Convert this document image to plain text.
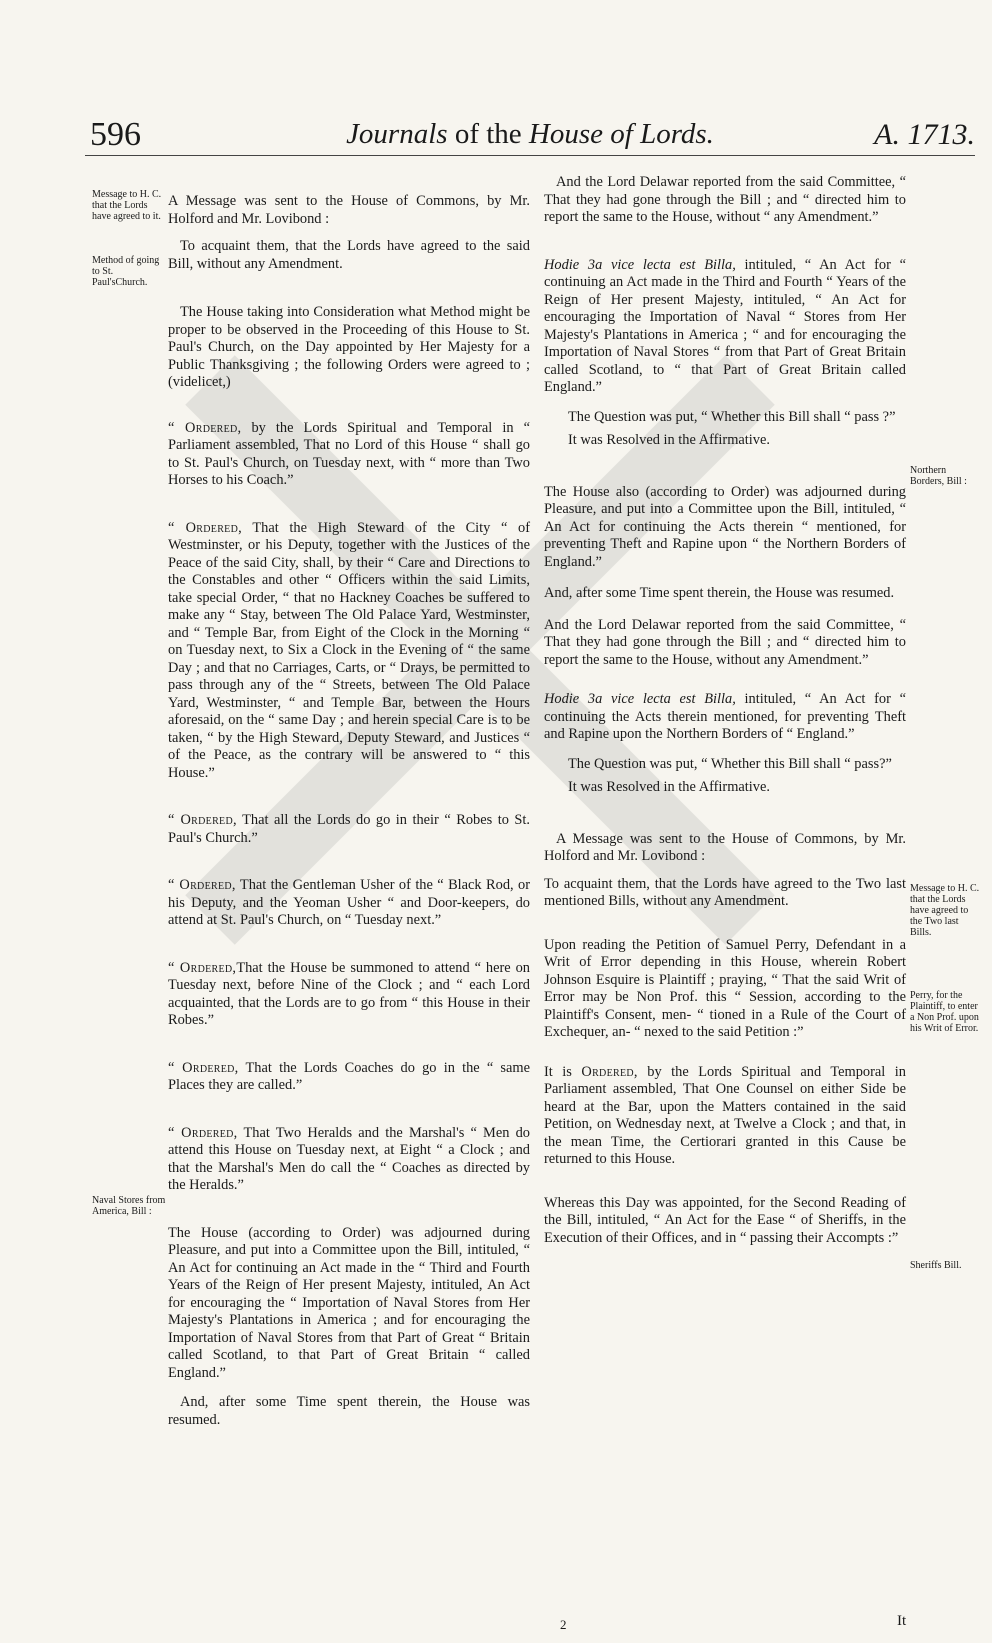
596	Journals of the House of Lords.	A. 1713.
Message to H. C. that the Lords have agreed to it.
Method of going to St. Paul'sChurch.
Naval Stores from America, Bill :
Northern Borders, Bill :
Message to H. C. that the Lords have agreed to the Two last Bills.
Perry, for the Plaintiff, to enter a Non Prof. upon his Writ of Error.
Sheriffs Bill.

A Message was sent to the House of Commons, by Mr. Holford and Mr. Lovibond :

To acquaint them, that the Lords have agreed to the said Bill, without any Amendment.

The House taking into Consideration what Method might be proper to be observed in the Proceeding of this House to St. Paul's Church, on the Day appointed by Her Majesty for a Public Thanksgiving ; the following Orders were agreed to ; (videlicet,)

“ Ordered, by the Lords Spiritual and Temporal in “ Parliament assembled, That no Lord of this House “ shall go to St. Paul's Church, on Tuesday next, with “ more than Two Horses to his Coach.”

“ Ordered, That the High Steward of the City “ of Westminster, or his Deputy, together with the Justices of the Peace of the said City, shall, by their “ Care and Directions to the Constables and other “ Officers within the said Limits, take special Order, “ that no Hackney Coaches be suffered to make any “ Stay, between The Old Palace Yard, Westminster, and “ Temple Bar, from Eight of the Clock in the Morning “ on Tuesday next, to Six a Clock in the Evening of “ the same Day ; and that no Carriages, Carts, or “ Drays, be permitted to pass through any of the “ Streets, between The Old Palace Yard, Westminster, “ and Temple Bar, between the Hours aforesaid, on the “ same Day ; and herein special Care is to be taken, “ by the High Steward, Deputy Steward, and Justices “ of the Peace, as the contrary will be answered to “ this House.”

“ Ordered, That all the Lords do go in their “ Robes to St. Paul's Church.”

“ Ordered, That the Gentleman Usher of the “ Black Rod, or his Deputy, and the Yeoman Usher “ and Door-keepers, do attend at St. Paul's Church, on “ Tuesday next.”

“ Ordered,That the House be summoned to attend “ here on Tuesday next, before Nine of the Clock ; and “ each Lord acquainted, that the Lords are to go from “ this House in their Robes.”

“ Ordered, That the Lords Coaches do go in the “ same Places they are called.”

“ Ordered, That Two Heralds and the Marshal's “ Men do attend this House on Tuesday next, at Eight “ a Clock ; and that the Marshal's Men do call the “ Coaches as directed by the Heralds.”

The House (according to Order) was adjourned during Pleasure, and put into a Committee upon the Bill, intituled, “ An Act for continuing an Act made in the “ Third and Fourth Years of the Reign of Her present Majesty, intituled, An Act for encouraging the “ Importation of Naval Stores from Her Majesty's Plantations in America ; and for encouraging the Importation of Naval Stores from that Part of Great “ Britain called Scotland, to that Part of Great Britain “ called England.”

And, after some Time spent therein, the House was resumed.

And the Lord Delawar reported from the said Committee, “ That they had gone through the Bill ; and “ directed him to report the same to the House, without “ any Amendment.”

Hodie 3a vice lecta est Billa, intituled, “ An Act for “ continuing an Act made in the Third and Fourth “ Years of the Reign of Her present Majesty, intituled, “ An Act for encouraging the Importation of Naval “ Stores from Her Majesty's Plantations in America ; “ and for encouraging the Importation of Naval Stores “ from that Part of Great Britain called Scotland, to “ that Part of Great Britain called England.”

The Question was put, “ Whether this Bill shall “ pass ?”

It was Resolved in the Affirmative.

The House also (according to Order) was adjourned during Pleasure, and put into a Committee upon the Bill, intituled, “ An Act for continuing the Acts therein “ mentioned, for preventing Theft and Rapine upon “ the Northern Borders of England.”

And, after some Time spent therein, the House was resumed.

And the Lord Delawar reported from the said Committee, “ That they had gone through the Bill ; and “ directed him to report the same to the House, without any Amendment.”

Hodie 3a vice lecta est Billa, intituled, “ An Act for “ continuing the Acts therein mentioned, for preventing Theft and Rapine upon the Northern Borders of “ England.”

The Question was put, “ Whether this Bill shall “ pass?”

It was Resolved in the Affirmative.

A Message was sent to the House of Commons, by Mr. Holford and Mr. Lovibond :

To acquaint them, that the Lords have agreed to the Two last mentioned Bills, without any Amendment.

Upon reading the Petition of Samuel Perry, Defendant in a Writ of Error depending in this House, wherein Robert Johnson Esquire is Plaintiff ; praying, “ That the said Writ of Error may be Non Prof. this “ Session, according to the Plaintiff's Consent, men- “ tioned in a Rule of the Court of Exchequer, an- “ nexed to the said Petition :”

It is Ordered, by the Lords Spiritual and Temporal in Parliament assembled, That One Counsel on either Side be heard at the Bar, upon the Matters contained in the said Petition, on Wednesday next, at Twelve a Clock ; and that, in the mean Time, the Certiorari granted in this Cause be returned to this House.

Whereas this Day was appointed, for the Second Reading of the Bill, intituled, “ An Act for the Ease “ of Sheriffs, in the Execution of their Offices, and in “ passing their Accompts :”

2	It
